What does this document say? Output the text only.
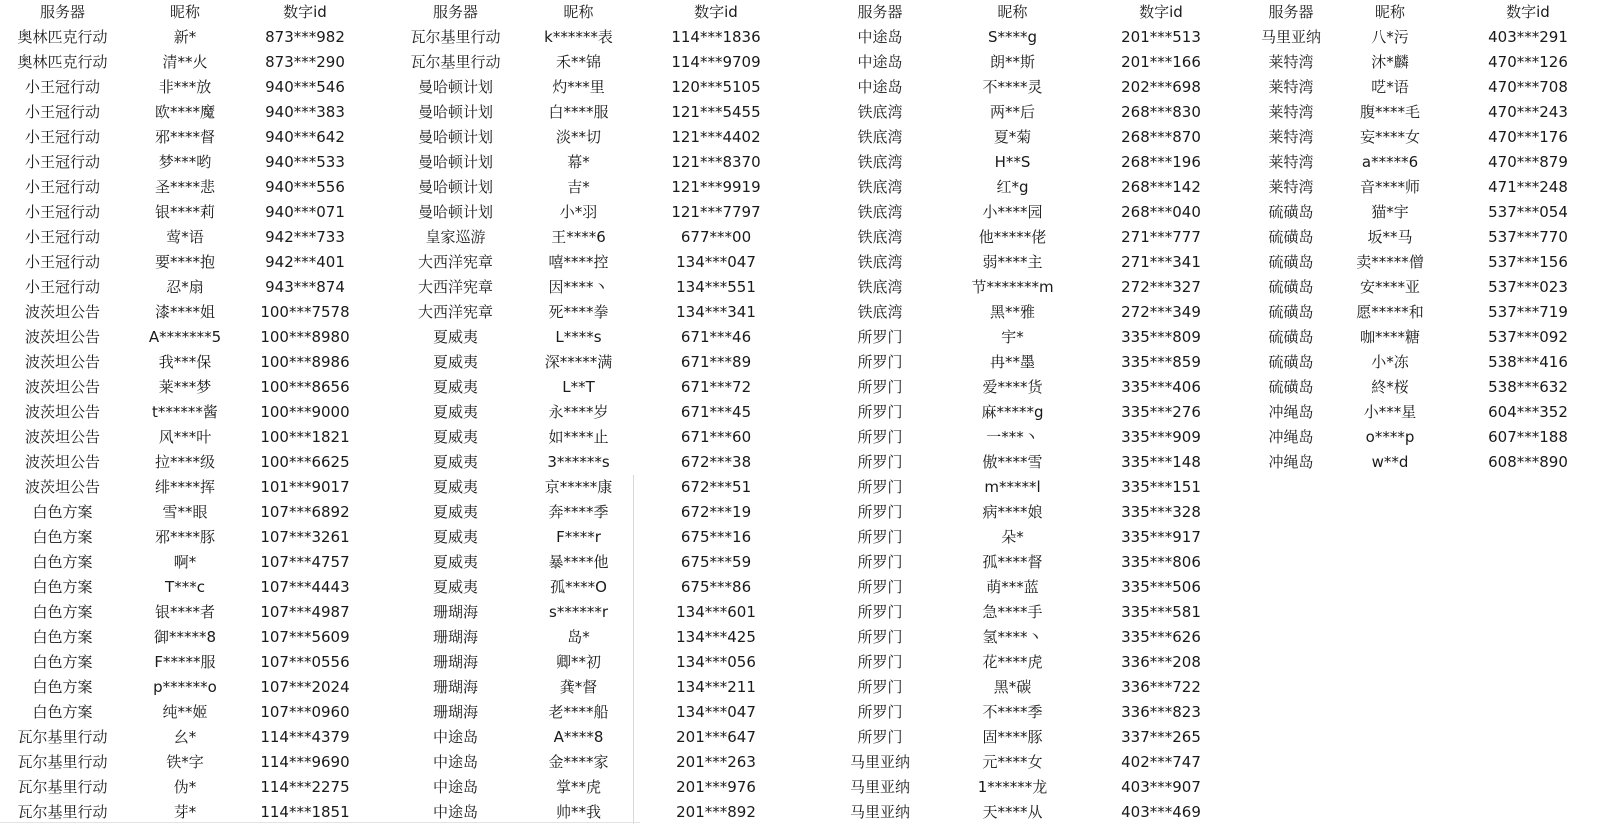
服务器	昵称	数字id
奥林匹克行动	新*	873***982
奥林匹克行动	清**火	873***290
小王冠行动	非***放	940***546
小王冠行动	欧****魔	940***383
小王冠行动	邪****督	940***642
小王冠行动	梦***哟	940***533
小王冠行动	圣****悲	940***556
小王冠行动	银****莉	940***071
小王冠行动	莺*语	942***733
小王冠行动	要****抱	942***401
小王冠行动	忍*扇	943***874
波茨坦公告	漆****姐	100***7578
波茨坦公告	A*******5	100***8980
波茨坦公告	我***保	100***8986
波茨坦公告	莱***梦	100***8656
波茨坦公告	t******酱	100***9000
波茨坦公告	风***叶	100***1821
波茨坦公告	拉****级	100***6625
波茨坦公告	绯****挥	101***9017
白色方案	雪**眼	107***6892
白色方案	邪****豚	107***3261
白色方案	啊*	107***4757
白色方案	T***c	107***4443
白色方案	银****者	107***4987
白色方案	御*****8	107***5609
白色方案	F*****服	107***0556
白色方案	p******o	107***2024
白色方案	纯**姬	107***0960
瓦尔基里行动	幺*	114***4379
瓦尔基里行动	铁*字	114***9690
瓦尔基里行动	伪*	114***2275
瓦尔基里行动	芽*	114***1851
服务器	昵称	数字id
瓦尔基里行动	k******表	114***1836
瓦尔基里行动	禾**锦	114***9709
曼哈顿计划	灼***里	120***5105
曼哈顿计划	白****服	121***5455
曼哈顿计划	淡**切	121***4402
曼哈顿计划	幕*	121***8370
曼哈顿计划	吉*	121***9919
曼哈顿计划	小*羽	121***7797
皇家巡游	王****6	677***00
大西洋宪章	嘻****控	134***047
大西洋宪章	因****丶	134***551
大西洋宪章	死****拳	134***341
夏威夷	L****s	671***46
夏威夷	深*****满	671***89
夏威夷	L**T	671***72
夏威夷	永****岁	671***45
夏威夷	如****止	671***60
夏威夷	3******s	672***38
夏威夷	京*****康	672***51
夏威夷	奔****季	672***19
夏威夷	F****r	675***16
夏威夷	暴****他	675***59
夏威夷	孤****O	675***86
珊瑚海	s******r	134***601
珊瑚海	岛*	134***425
珊瑚海	卿**初	134***056
珊瑚海	龚*督	134***211
珊瑚海	老****船	134***047
中途岛	A****8	201***647
中途岛	金****家	201***263
中途岛	掌**虎	201***976
中途岛	帅**我	201***892
服务器	昵称	数字id
中途岛	S****g	201***513
中途岛	朗**斯	201***166
中途岛	不****灵	202***698
铁底湾	两**后	268***830
铁底湾	夏*菊	268***870
铁底湾	H**S	268***196
铁底湾	红*g	268***142
铁底湾	小****园	268***040
铁底湾	他*****佬	271***777
铁底湾	弱****主	271***341
铁底湾	节*******m	272***327
铁底湾	黑**雅	272***349
所罗门	宇*	335***809
所罗门	冉**墨	335***859
所罗门	爱****货	335***406
所罗门	麻*****g	335***276
所罗门	一***丶	335***909
所罗门	傲****雪	335***148
所罗门	m*****l	335***151
所罗门	病****娘	335***328
所罗门	朵*	335***917
所罗门	孤****督	335***806
所罗门	萌***蓝	335***506
所罗门	急****手	335***581
所罗门	氢****丶	335***626
所罗门	花****虎	336***208
所罗门	黑*碳	336***722
所罗门	不****季	336***823
所罗门	固****豚	337***265
马里亚纳	元****女	402***747
马里亚纳	1******龙	403***907
马里亚纳	天****从	403***469
服务器	昵称	数字id
马里亚纳	八*污	403***291
莱特湾	沐*麟	470***126
莱特湾	呓*语	470***708
莱特湾	腹****毛	470***243
莱特湾	妄****女	470***176
莱特湾	a*****6	470***879
莱特湾	音****师	471***248
硫磺岛	猫*宇	537***054
硫磺岛	坂**马	537***770
硫磺岛	卖*****僧	537***156
硫磺岛	安****亚	537***023
硫磺岛	愿*****和	537***719
硫磺岛	咖****糖	537***092
硫磺岛	小*冻	538***416
硫磺岛	終*桜	538***632
冲绳岛	小***星	604***352
冲绳岛	o****p	607***188
冲绳岛	w**d	608***890
